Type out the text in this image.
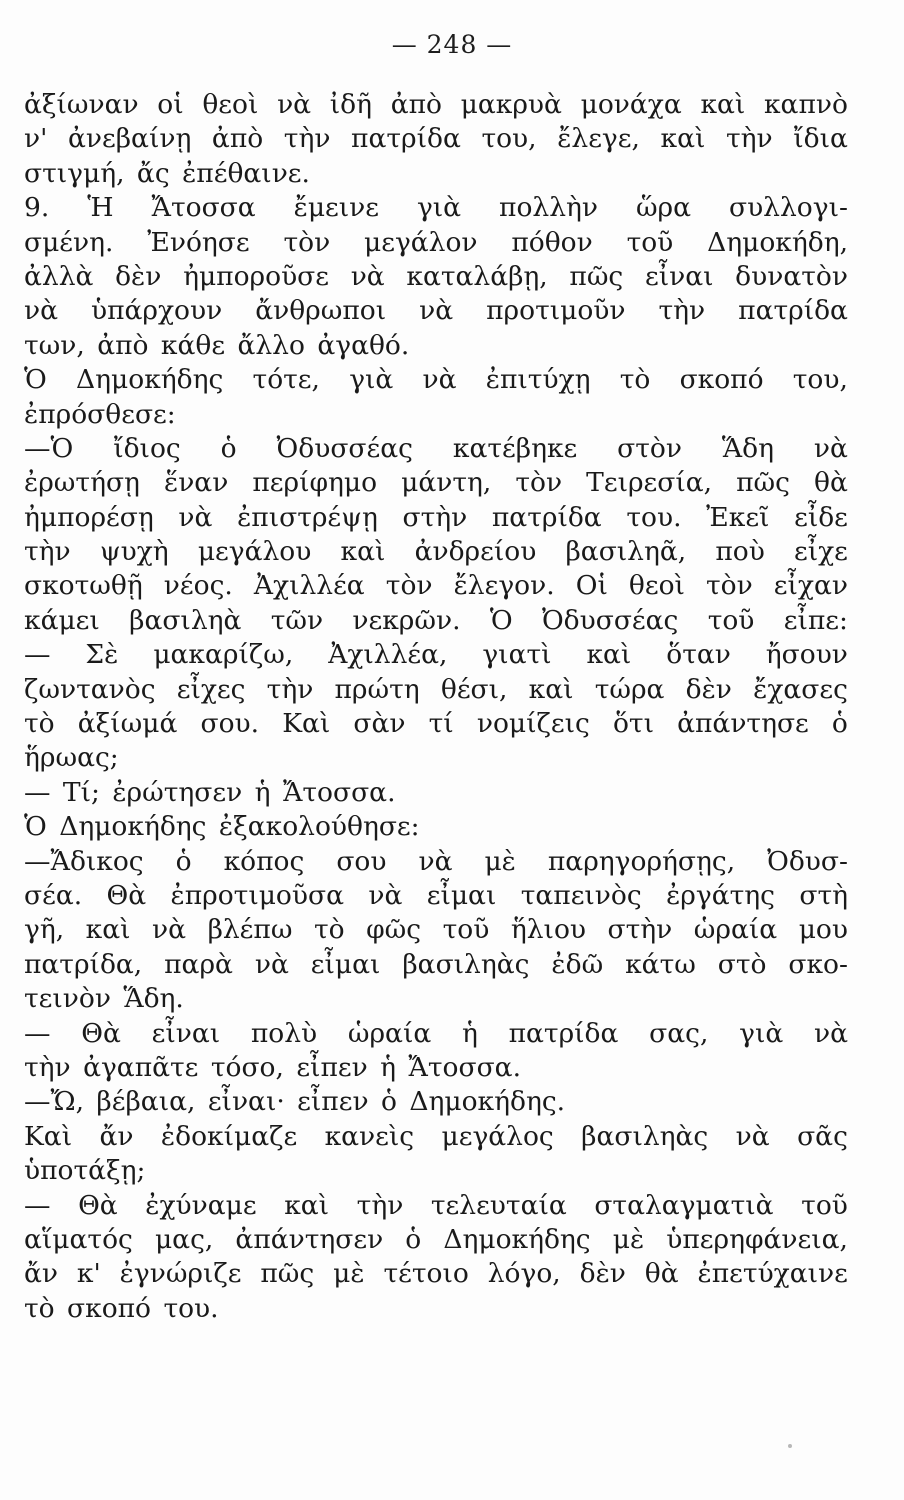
— 248 —
ἀξίωναν οἱ θεοὶ νὰ ἰδῆ ἀπὸ μακρυὰ μονάχα καὶ καπνὸ
ν' ἀνεβαίνῃ ἀπὸ τὴν πατρίδα του, ἔλεγε, καὶ τὴν ἴδια
στιγμή, ἄς ἐπέθαινε.
9. Ἡ Ἄτοσσα ἔμεινε γιὰ πολλὴν ὥρα συλλογι-
σμένη. Ἐνόησε τὸν μεγάλον πόθον τοῦ Δημοκήδη,
ἀλλὰ δὲν ἠμποροῦσε νὰ καταλάβῃ, πῶς εἶναι δυνατὸν
νὰ ὑπάρχουν ἄνθρωποι νὰ προτιμοῦν τὴν πατρίδα
των, ἀπὸ κάθε ἄλλο ἀγαθό.
Ὁ Δημοκήδης τότε, γιὰ νὰ ἐπιτύχῃ τὸ σκοπό του,
ἐπρόσθεσε:
—Ὁ ἴδιος ὁ Ὀδυσσέας κατέβηκε στὸν Ἅδη νὰ
ἐρωτήσῃ ἕναν περίφημο μάντη, τὸν Τειρεσία, πῶς θὰ
ἠμπορέσῃ νὰ ἐπιστρέψῃ στὴν πατρίδα του. Ἐκεῖ εἶδε
τὴν ψυχὴ μεγάλου καὶ ἀνδρείου βασιληᾶ, ποὺ εἶχε
σκοτωθῇ νέος. Ἀχιλλέα τὸν ἔλεγον. Οἱ θεοὶ τὸν εἶχαν
κάμει βασιληὰ τῶν νεκρῶν. Ὁ Ὀδυσσέας τοῦ εἶπε:
— Σὲ μακαρίζω, Ἀχιλλέα, γιατὶ καὶ ὅταν ἤσουν
ζωντανὸς εἶχες τὴν πρώτη θέσι, καὶ τώρα δὲν ἔχασες
τὸ ἀξίωμά σου. Καὶ σὰν τί νομίζεις ὅτι ἀπάντησε ὁ
ἥρωας;
— Τί; ἐρώτησεν ἡ Ἄτοσσα.
Ὁ Δημοκήδης ἐξακολούθησε:
—Ἄδικος ὁ κόπος σου νὰ μὲ παρηγορήσῃς, Ὀδυσ-
σέα. Θὰ ἐπροτιμοῦσα νὰ εἶμαι ταπεινὸς ἐργάτης στὴ
γῆ, καὶ νὰ βλέπω τὸ φῶς τοῦ ἥλιου στὴν ὡραία μου
πατρίδα, παρὰ νὰ εἶμαι βασιληὰς ἐδῶ κάτω στὸ σκο-
τεινὸν Ἅδη.
— Θὰ εἶναι πολὺ ὡραία ἡ πατρίδα σας, γιὰ νὰ
τὴν ἀγαπᾶτε τόσο, εἶπεν ἡ Ἄτοσσα.
—Ὤ, βέβαια, εἶναι· εἶπεν ὁ Δημοκήδης.
Καὶ ἄν ἐδοκίμαζε κανεὶς μεγάλος βασιληὰς νὰ σᾶς
ὑποτάξῃ;
— Θὰ ἐχύναμε καὶ τὴν τελευταία σταλαγματιὰ τοῦ
αἵματός μας, ἀπάντησεν ὁ Δημοκήδης μὲ ὑπερηφάνεια,
ἄν κ' ἐγνώριζε πῶς μὲ τέτοιο λόγο, δὲν θὰ ἐπετύχαινε
τὸ σκοπό του.
